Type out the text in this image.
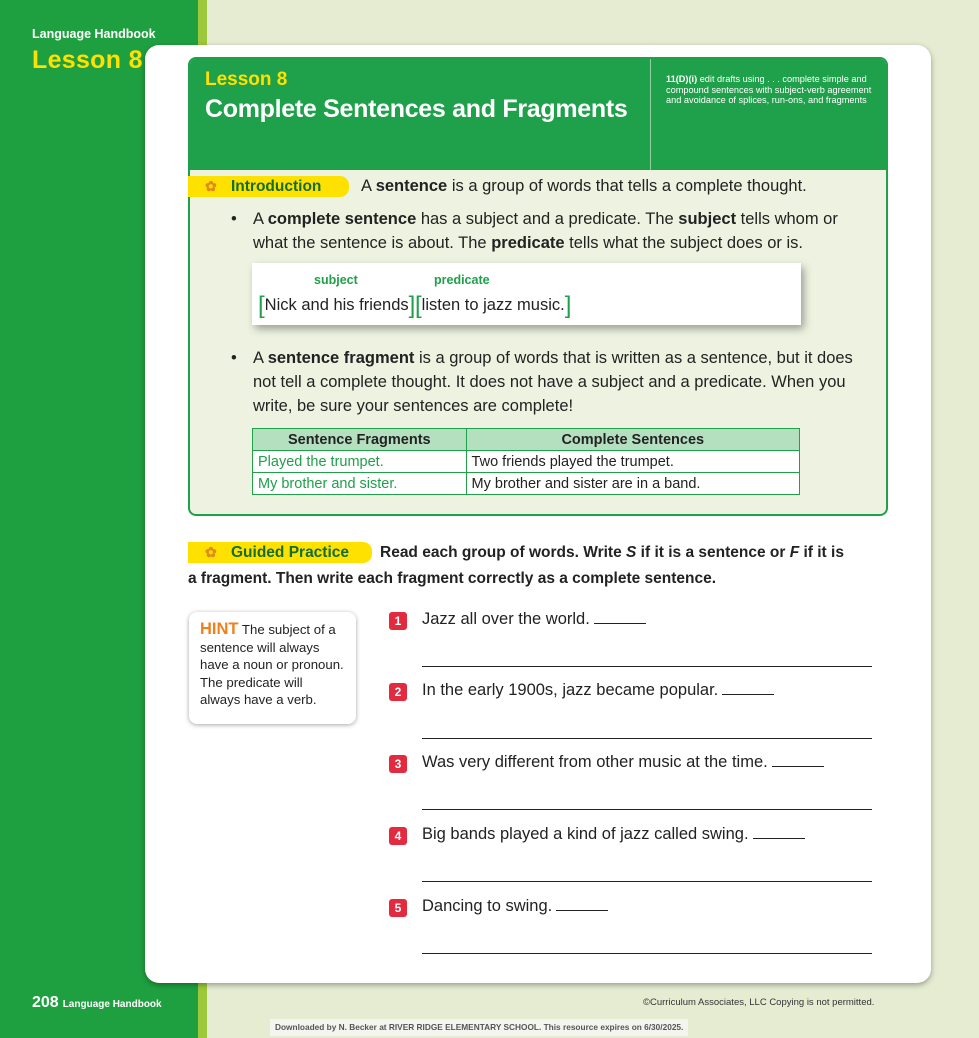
Language Handbook
Lesson 8
Lesson 8
Complete Sentences and Fragments
11(D)(i) edit drafts using . . . complete simple and compound sentences with subject-verb agreement and avoidance of splices, run-ons, and fragments
✿ Introduction	A sentence is a group of words that tells a complete thought.
• A complete sentence has a subject and a predicate. The subject tells whom or what the sentence is about. The predicate tells what the subject does or is.
subject	predicate
[Nick and his friends] [listen to jazz music.]
• A sentence fragment is a group of words that is written as a sentence, but it does not tell a complete thought. It does not have a subject and a predicate. When you write, be sure your sentences are complete!
Sentence Fragments	Complete Sentences
Played the trumpet.	Two friends played the trumpet.
My brother and sister.	My brother and sister are in a band.
✿ Guided Practice	Read each group of words. Write S if it is a sentence or F if it is
a fragment. Then write each fragment correctly as a complete sentence.
HINT The subject of a sentence will always have a noun or pronoun. The predicate will always have a verb.
1	Jazz all over the world.
2	In the early 1900s, jazz became popular.
3	Was very different from other music at the time.
4	Big bands played a kind of jazz called swing.
5	Dancing to swing.
208 Language Handbook	©Curriculum Associates, LLC Copying is not permitted.
Downloaded by N. Becker at RIVER RIDGE ELEMENTARY SCHOOL. This resource expires on 6/30/2025.
